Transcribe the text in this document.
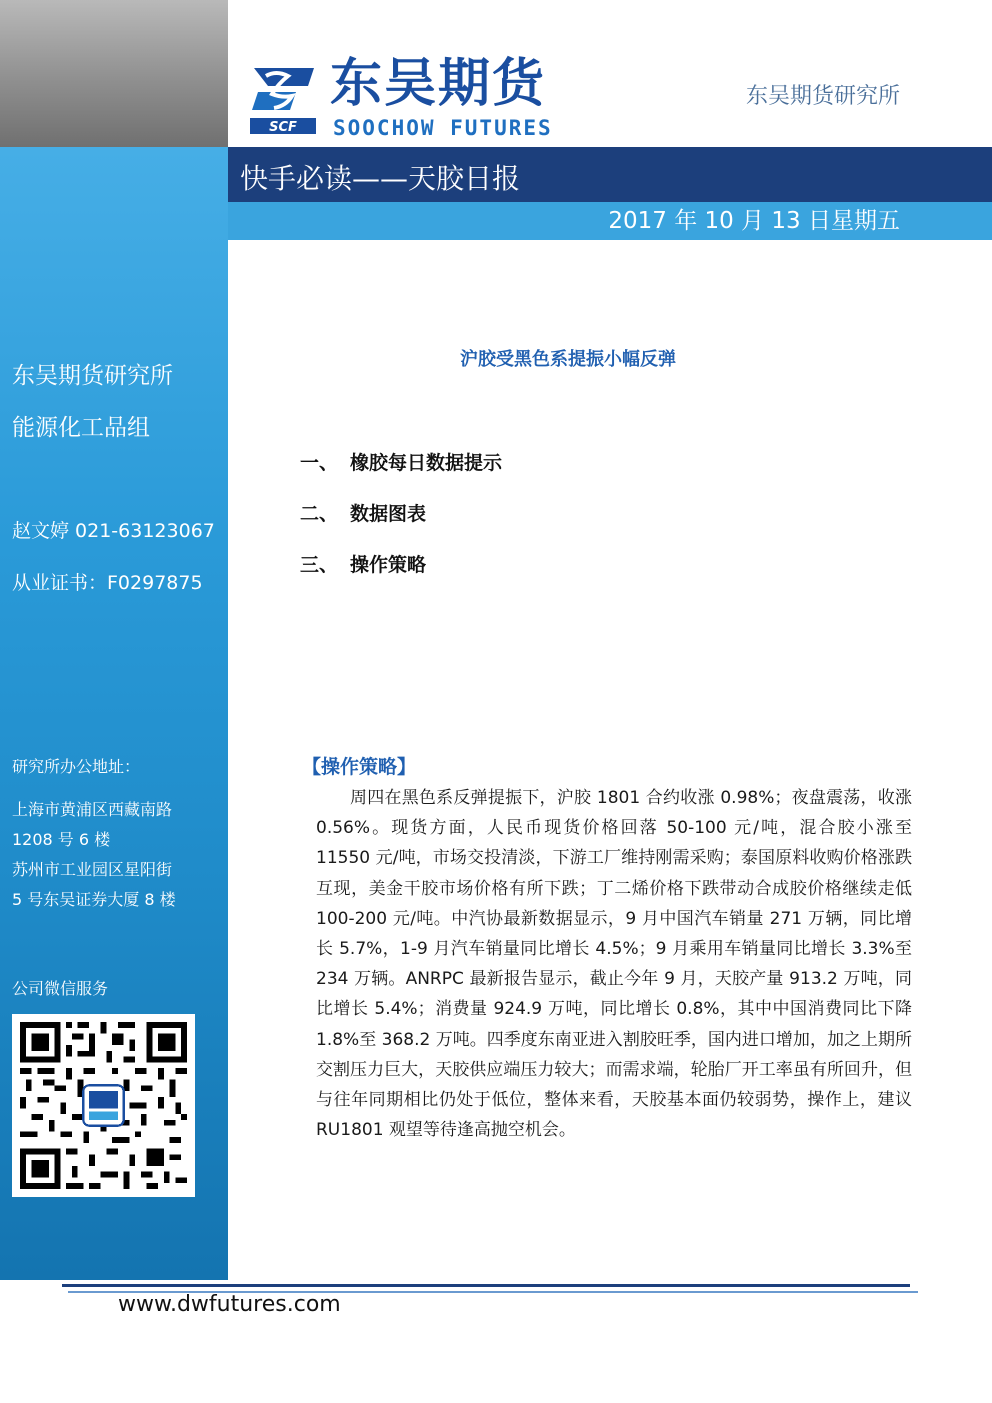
东吴期货研究所
能源化工品组
赵文婷 021-63123067
从业证书：F0297875
研究所办公地址：
上海市黄浦区西藏南路
1208 号 6 楼
苏州市工业园区星阳街
5 号东吴证券大厦 8 楼
公司微信服务
SCF
东吴期货
SOOCHOW FUTURES
东吴期货研究所
快手必读——天胶日报
2017 年 10 月 13 日星期五
沪胶受黑色系提振小幅反弹
一、 橡胶每日数据提示
二、 数据图表
三、 操作策略
【操作策略】

周四在黑色系反弹提振下，沪胶 1801 合约收涨 0.98%；夜盘震荡，收涨 0.56%。现货方面，人民币现货价格回落 50-100 元/吨，混合胶小涨至 11550 元/吨，市场交投清淡，下游工厂维持刚需采购；泰国原料收购价格涨跌互现，美金干胶市场价格有所下跌；丁二烯价格下跌带动合成胶价格继续走低 100-200 元/吨。中汽协最新数据显示，9 月中国汽车销量 271 万辆，同比增长 5.7%，1-9 月汽车销量同比增长 4.5%；9 月乘用车销量同比增长 3.3%至 234 万辆。ANRPC 最新报告显示，截止今年 9 月，天胶产量 913.2 万吨，同比增长 5.4%；消费量 924.9 万吨，同比增长 0.8%，其中中国消费同比下降 1.8%至 368.2 万吨。四季度东南亚进入割胶旺季，国内进口增加，加之上期所交割压力巨大，天胶供应端压力较大；而需求端，轮胎厂开工率虽有所回升，但与往年同期相比仍处于低位，整体来看，天胶基本面仍较弱势，操作上，建议 RU1801 观望等待逢高抛空机会。

www.dwfutures.com
